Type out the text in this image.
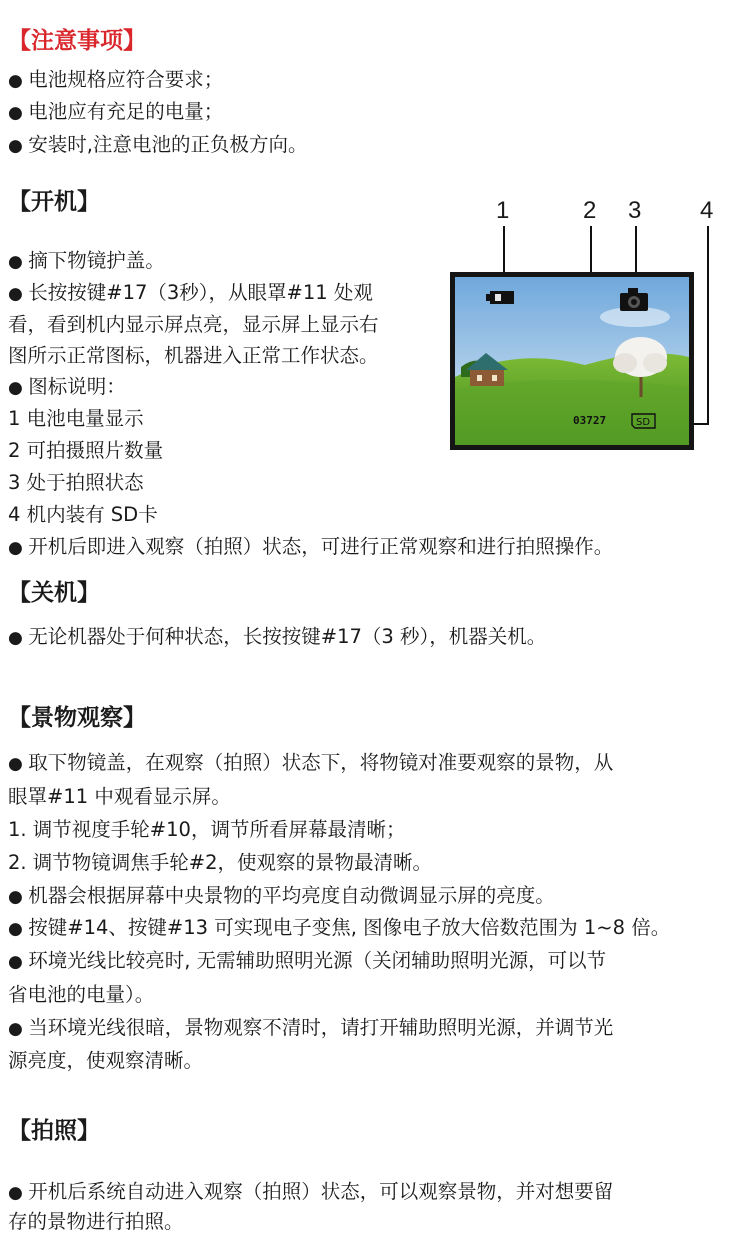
【注意事项】

● 电池规格应符合要求；

● 电池应有充足的电量；

● 安装时,注意电池的正负极方向。

【开机】

● 摘下物镜护盖。

● 长按按键#17（3秒），从眼罩#11 处观

看，看到机内显示屏点亮，显示屏上显示右

图所示正常图标，机器进入正常工作状态。

● 图标说明：

1 电池电量显示

2 可拍摄照片数量

3 处于拍照状态

4 机内装有 SD卡

● 开机后即进入观察（拍照）状态，可进行正常观察和进行拍照操作。

1	2 3 4
03727	SD
【关机】

● 无论机器处于何种状态，长按按键#17（3 秒），机器关机。

【景物观察】

● 取下物镜盖，在观察（拍照）状态下，将物镜对准要观察的景物，从

眼罩#11 中观看显示屏。

1. 调节视度手轮#10，调节所看屏幕最清晰；

2. 调节物镜调焦手轮#2，使观察的景物最清晰。

● 机器会根据屏幕中央景物的平均亮度自动微调显示屏的亮度。

● 按键#14、按键#13 可实现电子变焦, 图像电子放大倍数范围为 1~8 倍。

● 环境光线比较亮时, 无需辅助照明光源（关闭辅助照明光源，可以节

省电池的电量）。

● 当环境光线很暗，景物观察不清时，请打开辅助照明光源，并调节光

源亮度，使观察清晰。

【拍照】

● 开机后系统自动进入观察（拍照）状态，可以观察景物，并对想要留

存的景物进行拍照。
